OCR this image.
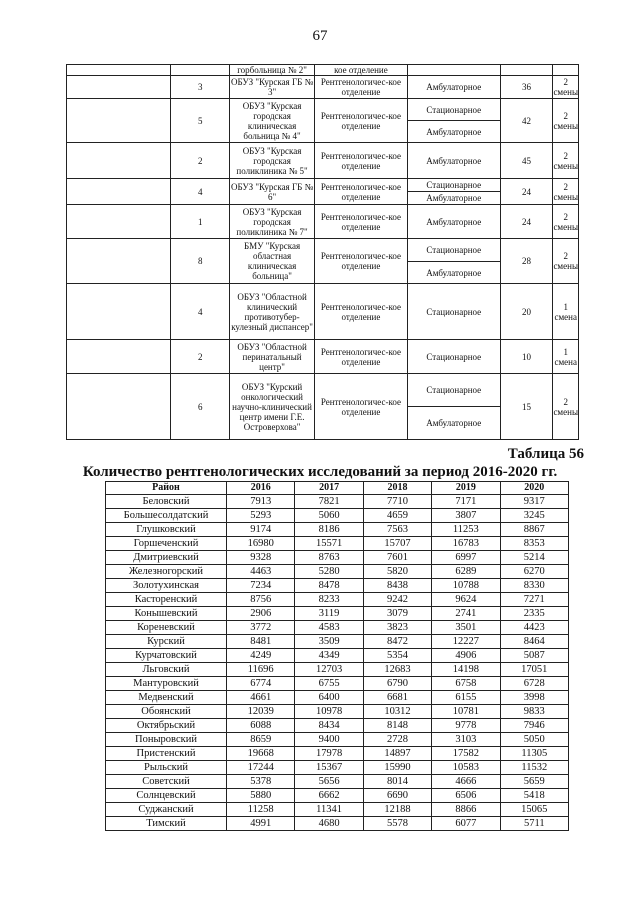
67
		горбольница № 2"	кое отделение			
	3	ОБУЗ "Курская ГБ № 3"	Рентгенологичес-кое отделение	Амбулаторное	36	2 смены
	5	ОБУЗ "Курская городская клиническая больница № 4"	Рентгенологичес-кое отделение	Стационарное	42	2 смены
				Амбулаторное		
	2	ОБУЗ "Курская городская поликлиника № 5"	Рентгенологичес-кое отделение	Амбулаторное	45	2 смены
	4	ОБУЗ "Курская ГБ № 6"	Рентгенологичес-кое отделение	Стационарное	24	2 смены
				Амбулаторное		
	1	ОБУЗ "Курская городская поликлиника № 7"	Рентгенологичес-кое отделение	Амбулаторное	24	2 смены
	8	БМУ "Курская областная клиническая больница"	Рентгенологичес-кое отделение	Стационарное	28	2 смены
				Амбулаторное		
	4	ОБУЗ "Областной клинический противотубер-кулезный диспансер"	Рентгенологичес-кое отделение	Стационарное	20	1 смена
	2	ОБУЗ "Областной перинатальный центр"	Рентгенологичес-кое отделение	Стационарное	10	1 смена
	6	ОБУЗ "Курский онкологический научно-клинический центр имени Г.Е. Островерхова"	Рентгенологичес-кое отделение	Стационарное	15	2 смены
				Амбулаторное		
Таблица 56
Количество рентгенологических исследований за период 2016-2020 гг.
Район	2016	2017	2018	2019	2020
Беловский	7913	7821	7710	7171	9317
Большесолдатский	5293	5060	4659	3807	3245
Глушковский	9174	8186	7563	11253	8867
Горшеченский	16980	15571	15707	16783	8353
Дмитриевский	9328	8763	7601	6997	5214
Железногорский	4463	5280	5820	6289	6270
Золотухинская	7234	8478	8438	10788	8330
Касторенский	8756	8233	9242	9624	7271
Конышевский	2906	3119	3079	2741	2335
Кореневский	3772	4583	3823	3501	4423
Курский	8481	3509	8472	12227	8464
Курчатовский	4249	4349	5354	4906	5087
Льговский	11696	12703	12683	14198	17051
Мантуровский	6774	6755	6790	6758	6728
Медвенский	4661	6400	6681	6155	3998
Обоянский	12039	10978	10312	10781	9833
Октябрьский	6088	8434	8148	9778	7946
Поныровский	8659	9400	2728	3103	5050
Пристенский	19668	17978	14897	17582	11305
Рыльский	17244	15367	15990	10583	11532
Советский	5378	5656	8014	4666	5659
Солнцевский	5880	6662	6690	6506	5418
Суджанский	11258	11341	12188	8866	15065
Тимский	4991	4680	5578	6077	5711
